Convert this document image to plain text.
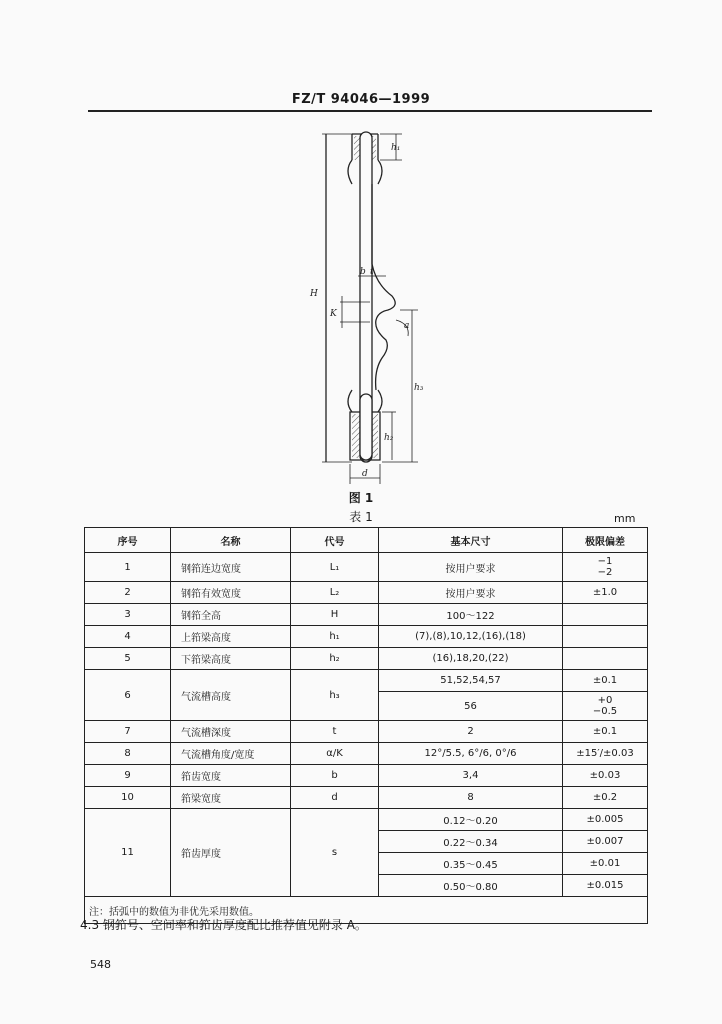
FZ/T 94046—1999
h₁
H
K
b t
a
h₃
h₂
d
图 1
表 1	mm
序号	名称	代号	基本尺寸	极限偏差
1	钢筘连边宽度	L₁	按用户要求	−1
−2
2	钢筘有效宽度	L₂	按用户要求	±1.0
3	钢筘全高	H	100～122	
4	上筘梁高度	h₁	(7),(8),10,12,(16),(18)	
5	下筘梁高度	h₂	(16),18,20,(22)	
6	气流槽高度	h₃	51,52,54,57	±0.1
			56	+0
−0.5
7	气流槽深度	t	2	±0.1
8	气流槽角度/宽度	α/K	12°/5.5, 6°/6, 0°/6	±15′/±0.03
9	筘齿宽度	b	3,4	±0.03
10	筘梁宽度	d	8	±0.2
11	筘齿厚度	s	0.12～0.20	±0.005
			0.22～0.34	±0.007
			0.35～0.45	±0.01
			0.50～0.80	±0.015
注：括弧中的数值为非优先采用数值。				
4.3 钢筘号、空间率和筘齿厚度配比推荐值见附录 A。
548
